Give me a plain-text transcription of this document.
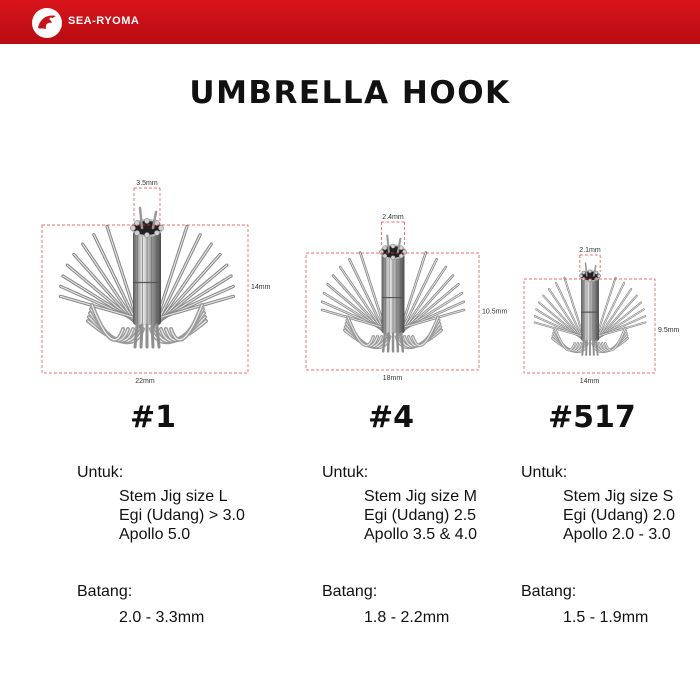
SEA-RYOMA
UMBRELLA HOOK
3.5mm
22mm
14mm
2.4mm
18mm
10.5mm
2.1mm
14mm
9.5mm
#1	#4	#517
Untuk:
Stem Jig size L
Egi (Udang) > 3.0
Apollo 5.0
Batang:
2.0 - 3.3mm
Untuk:
Stem Jig size M
Egi (Udang) 2.5
Apollo 3.5 & 4.0
Batang:
1.8 - 2.2mm
Untuk:
Stem Jig size S
Egi (Udang) 2.0
Apollo 2.0 - 3.0
Batang:
1.5 - 1.9mm
